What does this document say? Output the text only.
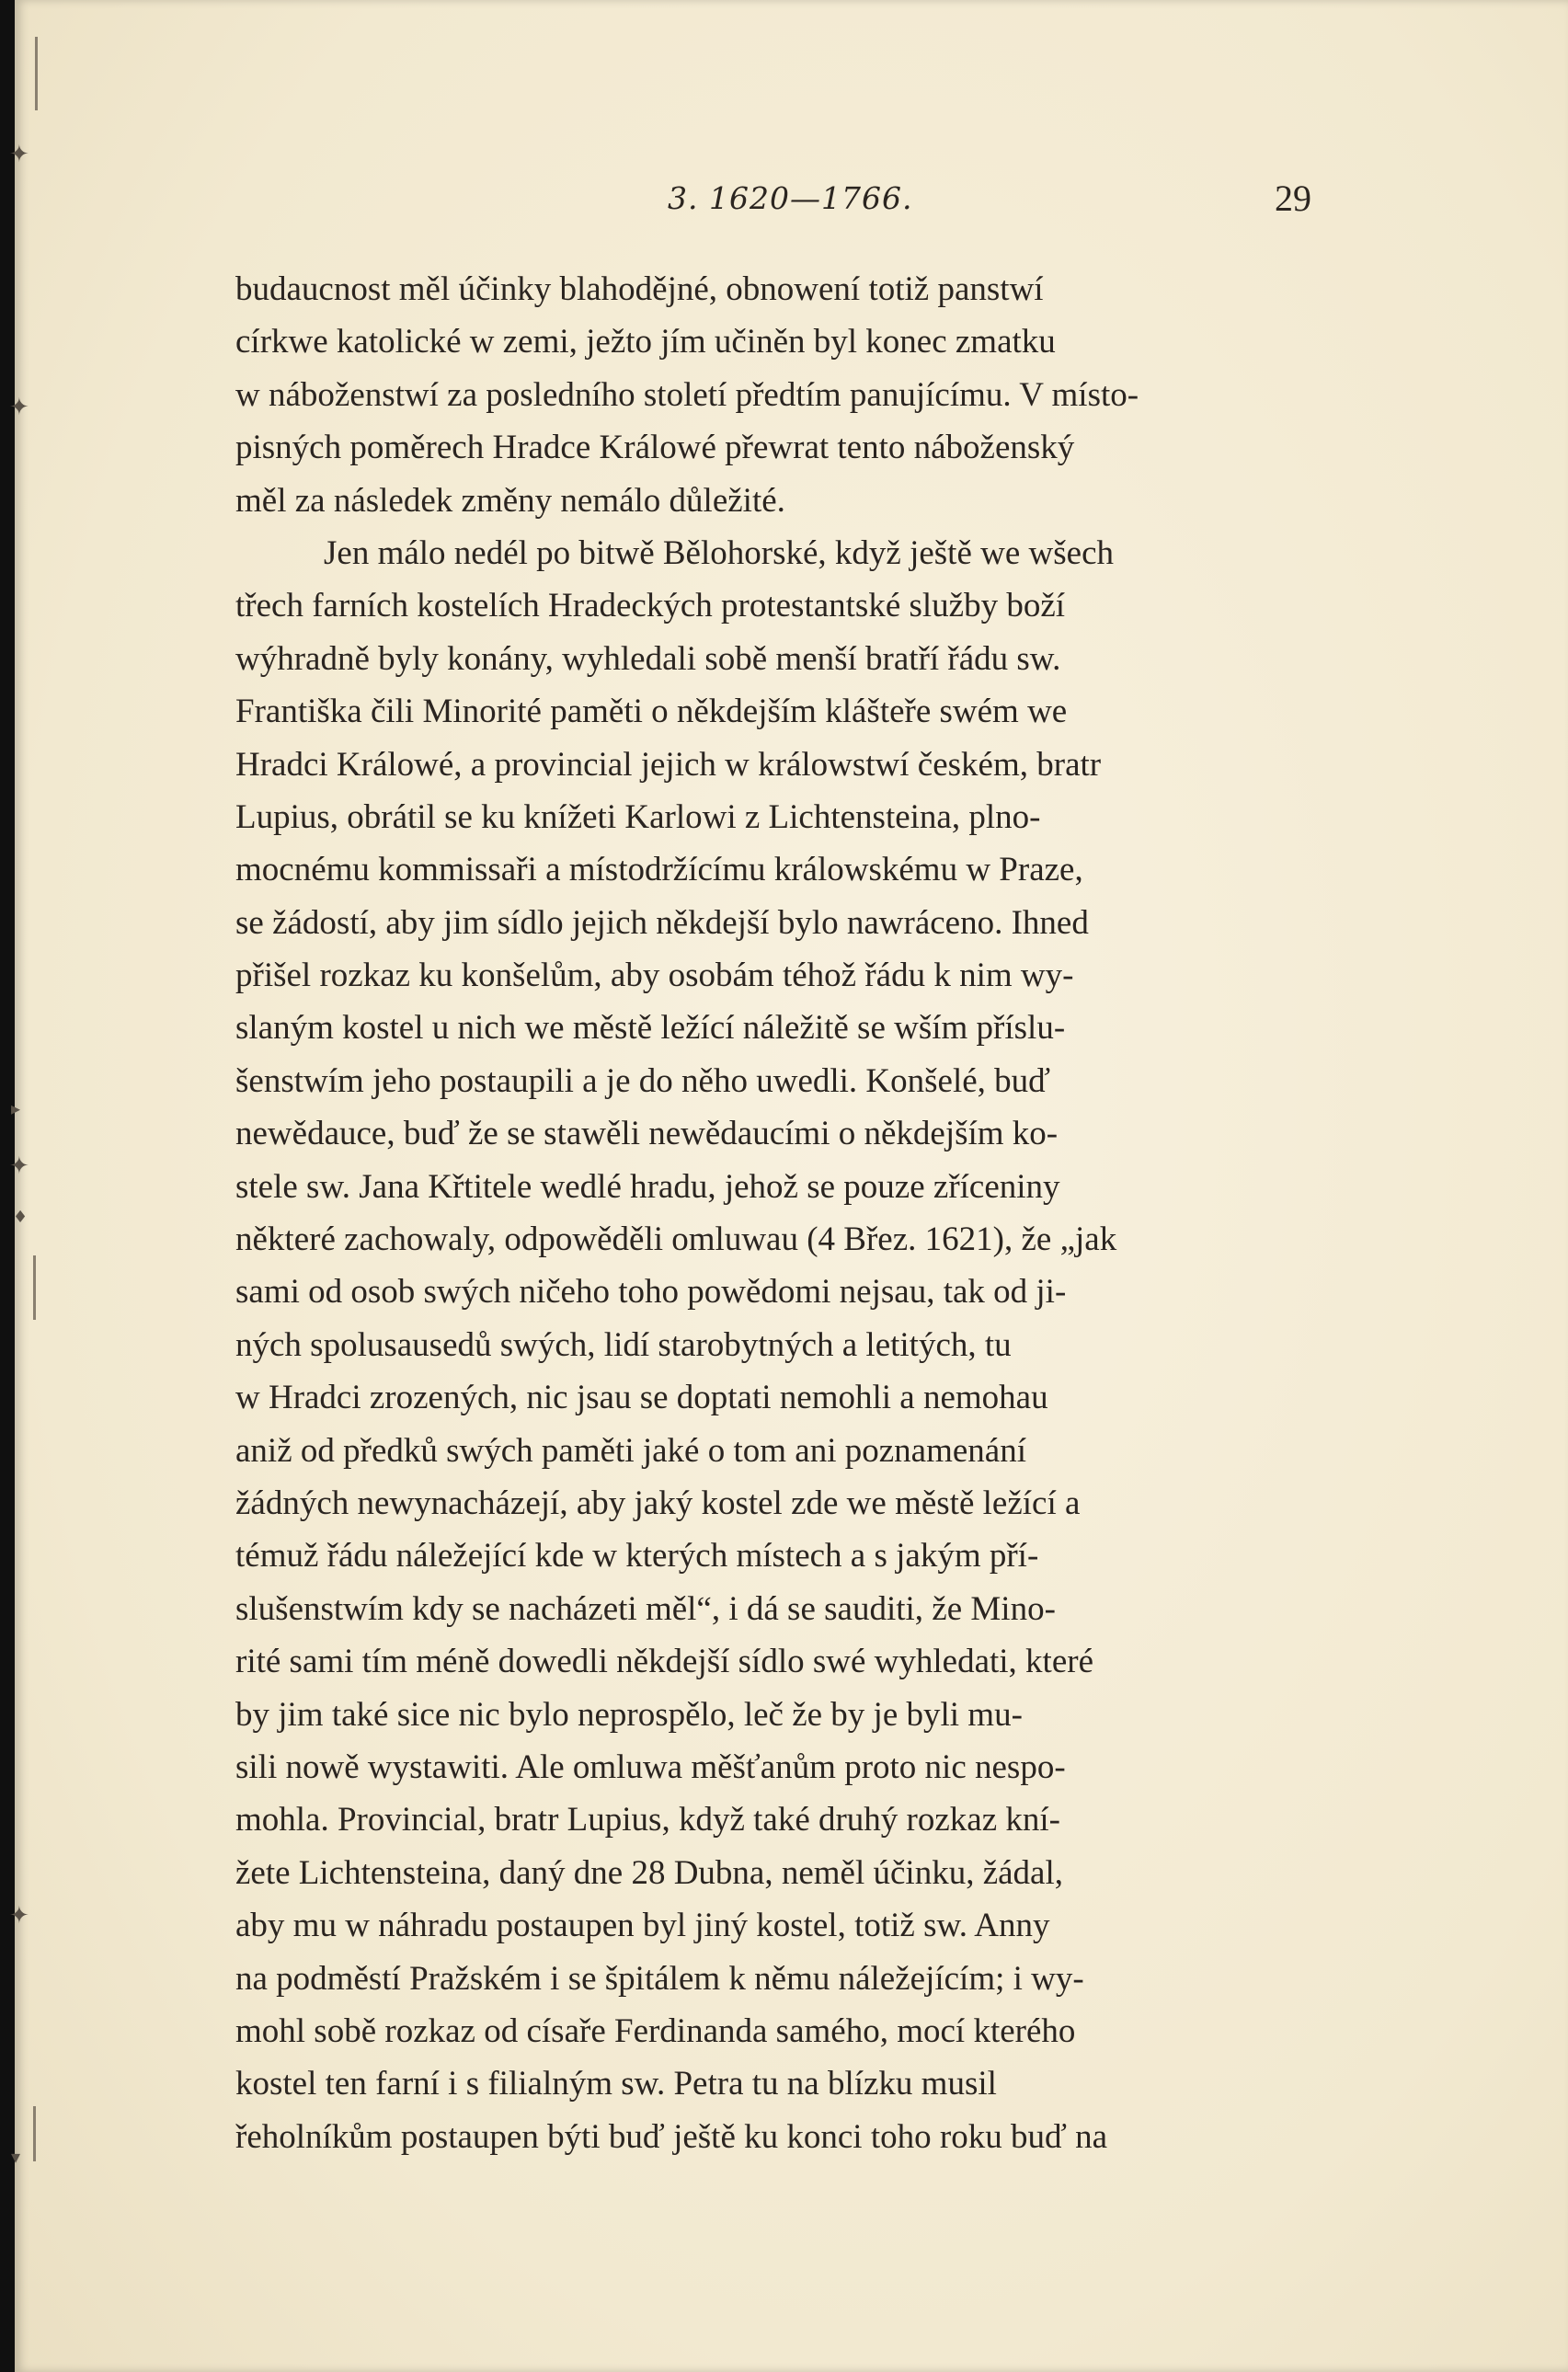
✦
✦
▸
✦
♦
✦
▾
3. 1620—1766.	29
budaucnost měl účinky blahodějné, obnowení totiž panstwí
církwe katolické w zemi, ježto jím učiněn byl konec zmatku
w náboženstwí za posledního století předtím panujícímu. V místo-
pisných poměrech Hradce Králowé přewrat tento náboženský
měl za následek změny nemálo důležité.
Jen málo nedél po bitwě Bělohorské, když ještě we wšech
třech farních kostelích Hradeckých protestantské služby boží
wýhradně byly konány, wyhledali sobě menší bratří řádu sw.
Františka čili Minorité paměti o někdejším klášteře swém we
Hradci Králowé, a provincial jejich w králowstwí českém, bratr
Lupius, obrátil se ku knížeti Karlowi z Lichtensteina, plno-
mocnému kommissaři a místodržícímu králowskému w Praze,
se žádostí, aby jim sídlo jejich někdejší bylo nawráceno. Ihned
přišel rozkaz ku konšelům, aby osobám téhož řádu k nim wy-
slaným kostel u nich we městě ležící náležitě se wším příslu-
šenstwím jeho postaupili a je do něho uwedli. Konšelé, buď
newědauce, buď že se stawěli newědaucími o někdejším ko-
stele sw. Jana Křtitele wedlé hradu, jehož se pouze zříceniny
některé zachowaly, odpowěděli omluwau (4 Břez. 1621), že „jak
sami od osob swých ničeho toho powědomi nejsau, tak od ji-
ných spolusausedů swých, lidí starobytných a letitých, tu
w Hradci zrozených, nic jsau se doptati nemohli a nemohau
aniž od předků swých paměti jaké o tom ani poznamenání
žádných newynacházejí, aby jaký kostel zde we městě ležící a
témuž řádu náležející kde w kterých místech a s jakým pří-
slušenstwím kdy se nacházeti měl“, i dá se sauditi, že Mino-
rité sami tím méně dowedli někdejší sídlo swé wyhledati, které
by jim také sice nic bylo neprospělo, leč že by je byli mu-
sili nowě wystawiti. Ale omluwa měšťanům proto nic nespo-
mohla. Provincial, bratr Lupius, když také druhý rozkaz kní-
žete Lichtensteina, daný dne 28 Dubna, neměl účinku, žádal,
aby mu w náhradu postaupen byl jiný kostel, totiž sw. Anny
na podměstí Pražském i se špitálem k němu náležejícím; i wy-
mohl sobě rozkaz od císaře Ferdinanda samého, mocí kterého
kostel ten farní i s filialným sw. Petra tu na blízku musil
řeholníkům postaupen býti buď ještě ku konci toho roku buď na
